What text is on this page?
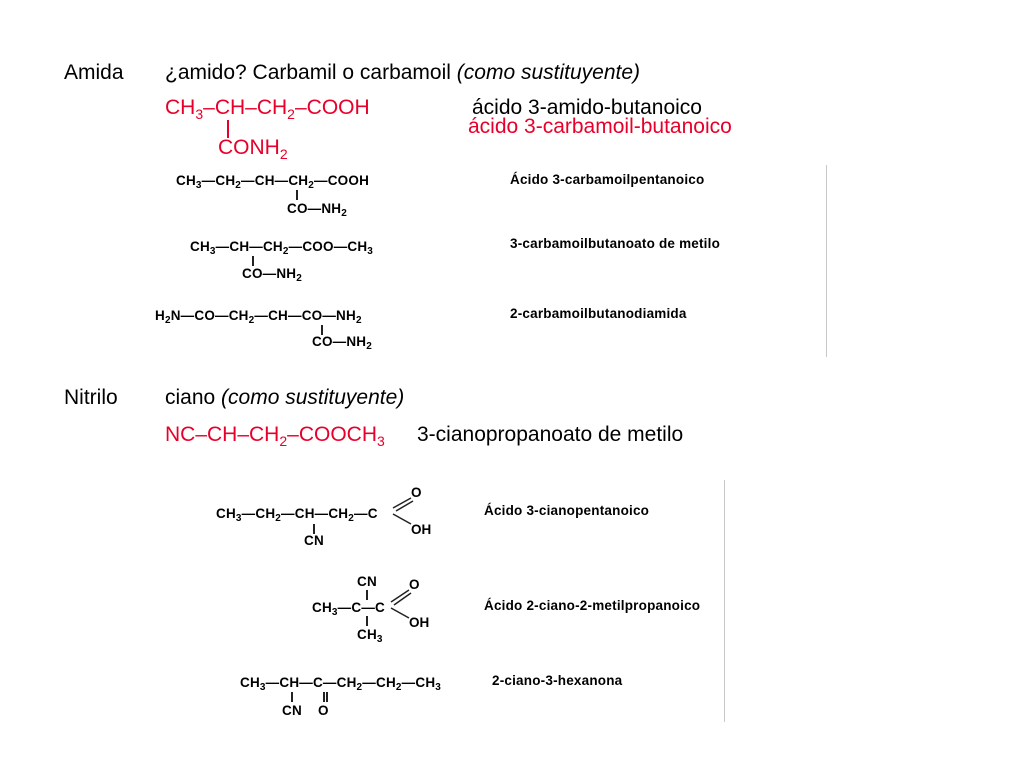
Amida ¿amido? Carbamil o carbamoil (como sustituyente)
$CH_3-CH-CH_2$–COOH
$CONH_2$
ácido 3-amido-butanoico
ácido 3-carbamoil-butanoico
$CH_3—CH_2—CH—CH_2—COOH$
$CO—NH_2$
Ácido 3-carbamoilpentanoico
$CH_3—CH—CH_2—COO—CH_3$
$CO—NH_2$
3-carbamoilbutanoato de metilo
$H_2N—CO—CH_2—CH—CO—NH_2$
$CO—NH_2$
2-carbamoilbutanodiamida
Nitrilo ciano (como sustituyente)
$NC-CH-CH_2-COOCH_3$ 3-cianopropanoato de metilo
$CH_3—CH_2—CH—CH_2—C$
O
OH
CN
Ácido 3-cianopentanoico
CN
$CH_3—C—C$
O
OH
$CH_3$
Ácido 2-ciano-2-metilpropanoico
$CH_3—CH—C—CH_2—CH_2—CH_3$
CN O
2-ciano-3-hexanona
